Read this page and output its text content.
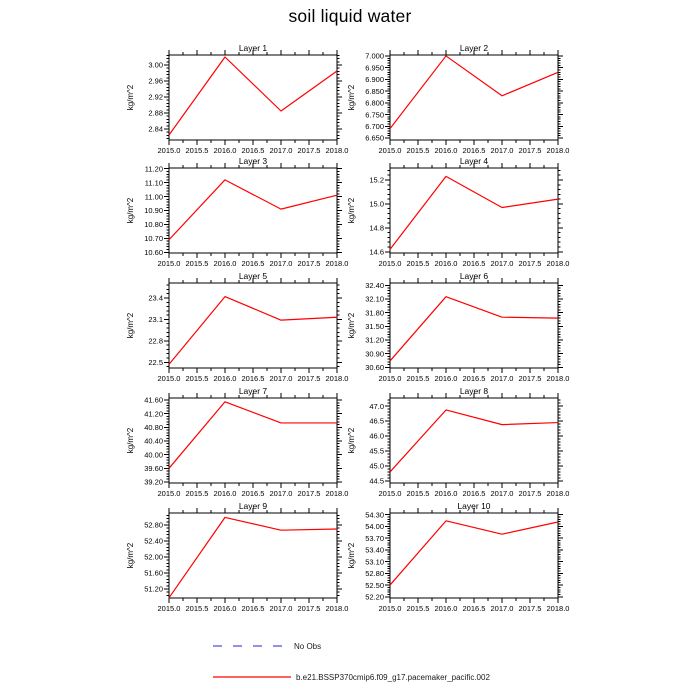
soil liquid water
Layer 1
kg/m^2
2015.0 2015.5 2016.0 2016.5 2017.0 2017.5 2018.0
2.84
2.88
2.92
2.96
3.00
Layer 2
kg/m^2
2015.0 2015.5 2016.0 2016.5 2017.0 2017.5 2018.0
6.650
6.700
6.750
6.800
6.850
6.900
6.950
7.000
Layer 3
kg/m^2
2015.0 2015.5 2016.0 2016.5 2017.0 2017.5 2018.0
10.60
10.70
10.80
10.90
11.00
11.10
11.20
Layer 4
kg/m^2
2015.0 2015.5 2016.0 2016.5 2017.0 2017.5 2018.0
14.6
14.8
15.0
15.2
Layer 5
kg/m^2
2015.0 2015.5 2016.0 2016.5 2017.0 2017.5 2018.0
22.5
22.8
23.1
23.4
Layer 6
kg/m^2
2015.0 2015.5 2016.0 2016.5 2017.0 2017.5 2018.0
30.60
30.90
31.20
31.50
31.80
32.10
32.40
Layer 7
kg/m^2
2015.0 2015.5 2016.0 2016.5 2017.0 2017.5 2018.0
39.20
39.60
40.00
40.40
40.80
41.20
41.60
Layer 8
kg/m^2
2015.0 2015.5 2016.0 2016.5 2017.0 2017.5 2018.0
44.5
45.0
45.5
46.0
46.5
47.0
Layer 9
kg/m^2
2015.0 2015.5 2016.0 2016.5 2017.0 2017.5 2018.0
51.20
51.60
52.00
52.40
52.80
Layer 10
kg/m^2
2015.0 2015.5 2016.0 2016.5 2017.0 2017.5 2018.0
52.20
52.50
52.80
53.10
53.40
53.70
54.00
54.30
No Obs
b.e21.BSSP370cmip6.f09_g17.pacemaker_pacific.002
